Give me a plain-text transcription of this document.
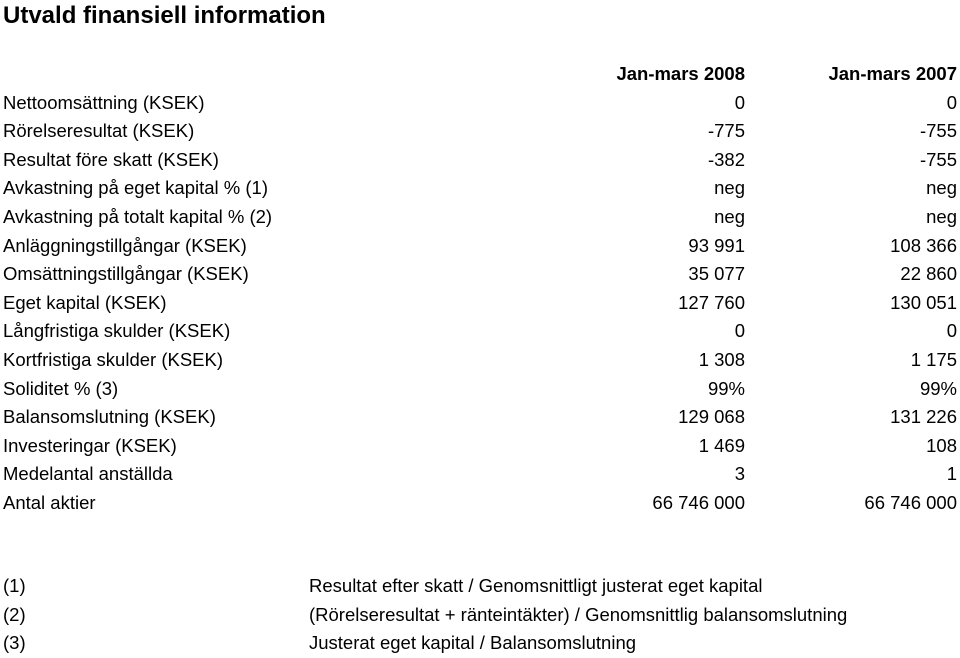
Utvald finansiell information
	Jan-mars 2008	Jan-mars 2007
Nettoomsättning (KSEK)	0	0
Rörelseresultat (KSEK)	-775	-755
Resultat före skatt (KSEK)	-382	-755
Avkastning på eget kapital % (1)	neg	neg
Avkastning på totalt kapital % (2)	neg	neg
Anläggningstillgångar (KSEK)	93 991	108 366
Omsättningstillgångar (KSEK)	35 077	22 860
Eget kapital (KSEK)	127 760	130 051
Långfristiga skulder (KSEK)	0	0
Kortfristiga skulder (KSEK)	1 308	1 175
Soliditet % (3)	99%	99%
Balansomslutning (KSEK)	129 068	131 226
Investeringar (KSEK)	1 469	108
Medelantal anställda	3	1
Antal aktier	66 746 000	66 746 000
(1)	Resultat efter skatt / Genomsnittligt justerat eget kapital
(2)	(Rörelseresultat + ränteintäkter) / Genomsnittlig balansomslutning
(3)	Justerat eget kapital / Balansomslutning
